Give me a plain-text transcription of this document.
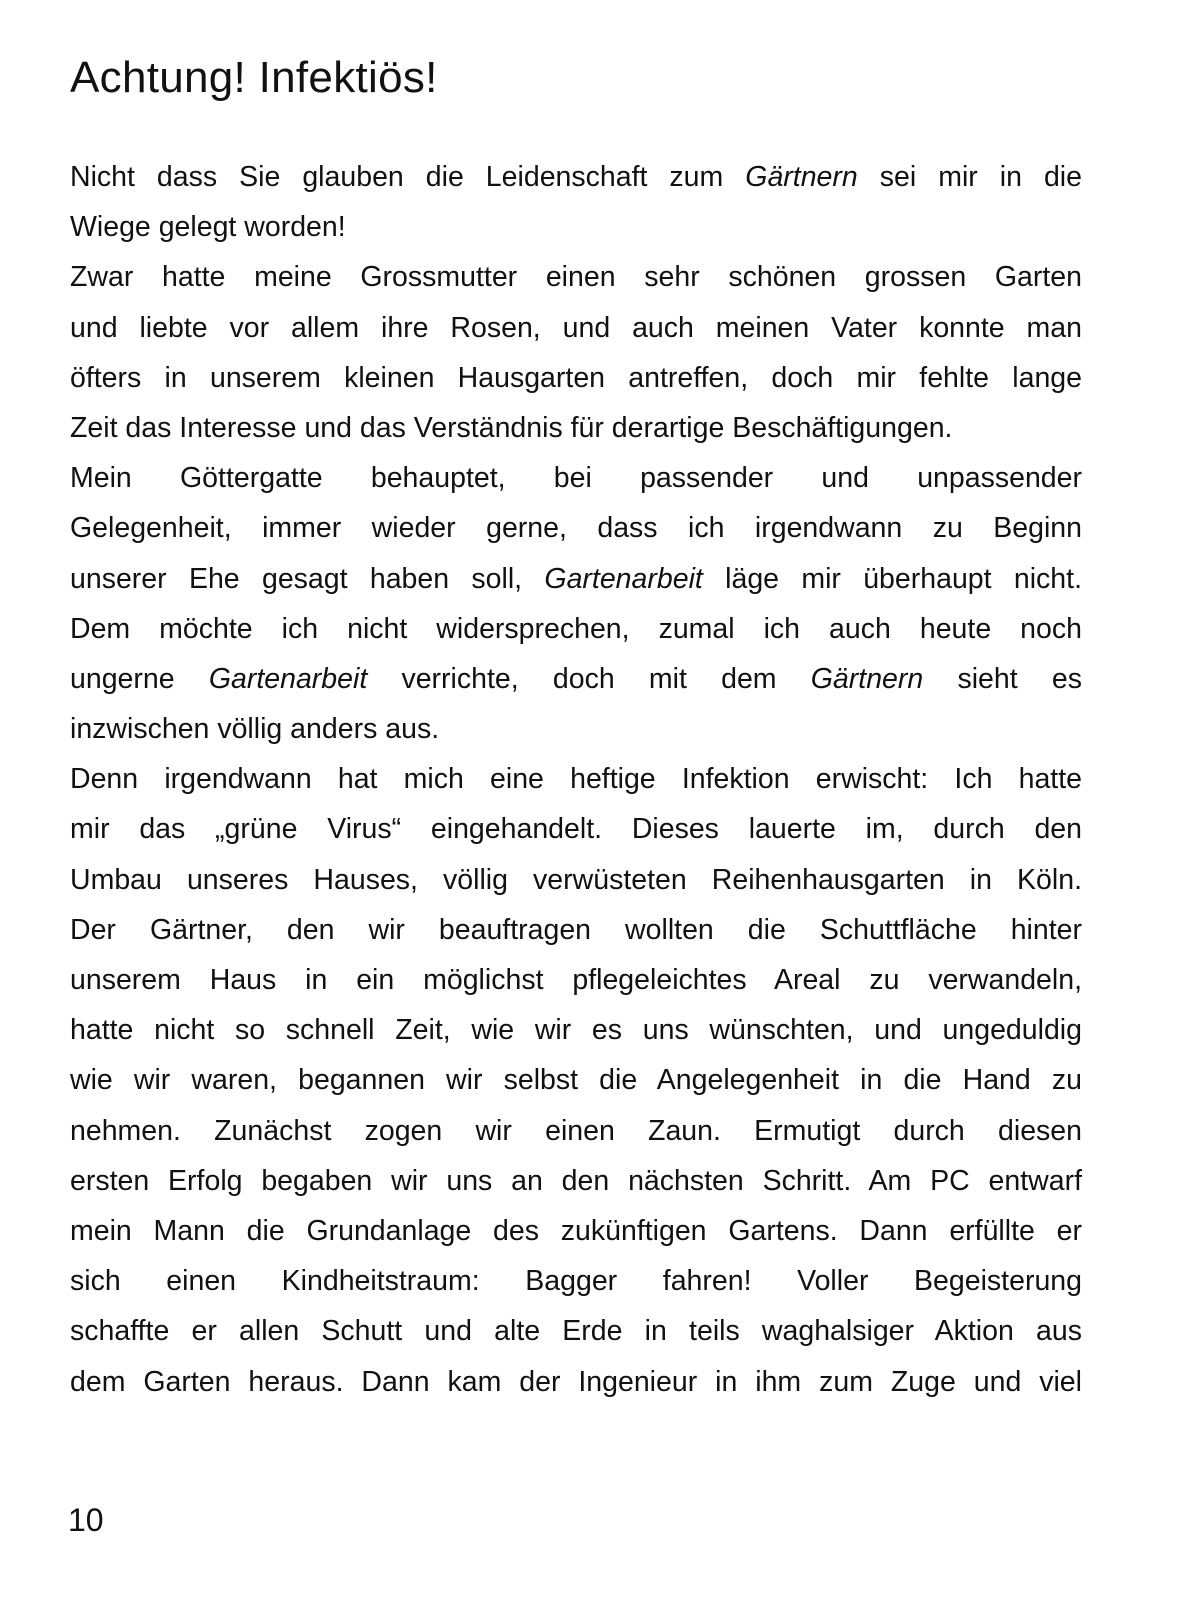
Achtung! Infektiös!
Nicht dass Sie glauben die Leidenschaft zum Gärtnern sei mir in die
Wiege gelegt worden!
Zwar hatte meine Grossmutter einen sehr schönen grossen Garten
und liebte vor allem ihre Rosen, und auch meinen Vater konnte man
öfters in unserem kleinen Hausgarten antreffen, doch mir fehlte lange
Zeit das Interesse und das Verständnis für derartige Beschäftigungen.
Mein Göttergatte behauptet, bei passender und unpassender
Gelegenheit, immer wieder gerne, dass ich irgendwann zu Beginn
unserer Ehe gesagt haben soll, Gartenarbeit läge mir überhaupt nicht.
Dem möchte ich nicht widersprechen, zumal ich auch heute noch
ungerne Gartenarbeit verrichte, doch mit dem Gärtnern sieht es
inzwischen völlig anders aus.
Denn irgendwann hat mich eine heftige Infektion erwischt: Ich hatte
mir das „grüne Virus“ eingehandelt. Dieses lauerte im, durch den
Umbau unseres Hauses, völlig verwüsteten Reihenhausgarten in Köln.
Der Gärtner, den wir beauftragen wollten die Schuttfläche hinter
unserem Haus in ein möglichst pflegeleichtes Areal zu verwandeln,
hatte nicht so schnell Zeit, wie wir es uns wünschten, und ungeduldig
wie wir waren, begannen wir selbst die Angelegenheit in die Hand zu
nehmen. Zunächst zogen wir einen Zaun. Ermutigt durch diesen
ersten Erfolg begaben wir uns an den nächsten Schritt. Am PC entwarf
mein Mann die Grundanlage des zukünftigen Gartens. Dann erfüllte er
sich einen Kindheitstraum: Bagger fahren! Voller Begeisterung
schaffte er allen Schutt und alte Erde in teils waghalsiger Aktion aus
dem Garten heraus. Dann kam der Ingenieur in ihm zum Zuge und viel
10
